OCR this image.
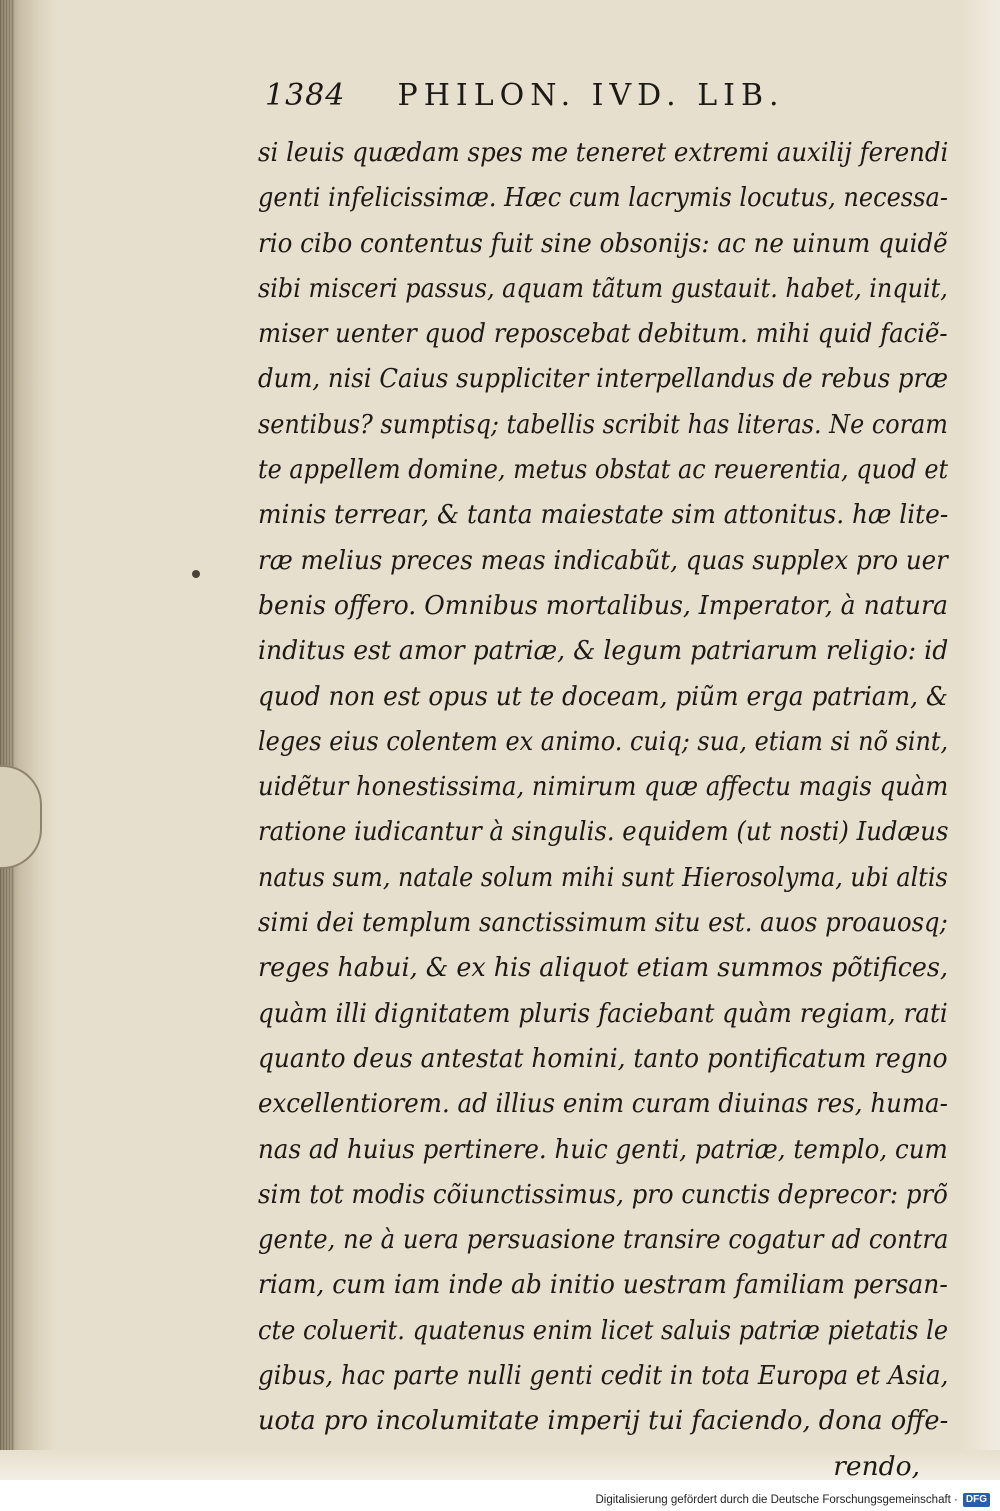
1384 PHILON. IVD. LIB.
si leuis quædam spes me teneret extremi auxilij ferendi
genti infelicissimæ. Hæc cum lacrymis locutus, necessa-
rio cibo contentus fuit sine obsonijs: ac ne uinum quidẽ
sibi misceri passus, aquam tãtum gustauit. habet, inquit,
miser uenter quod reposcebat debitum. mihi quid faciẽ-
dum, nisi Caius suppliciter interpellandus de rebus præ
sentibus? sumptisq; tabellis scribit has literas. Ne coram
te appellem domine, metus obstat ac reuerentia, quod et
minis terrear, & tanta maiestate sim attonitus. hæ lite-
ræ melius preces meas indicabũt, quas supplex pro uer
benis offero. Omnibus mortalibus, Imperator, à natura
inditus est amor patriæ, & legum patriarum religio: id
quod non est opus ut te doceam, piũm erga patriam, &
leges eius colentem ex animo. cuiq; sua, etiam si nõ sint,
uidẽtur honestissima, nimirum quæ affectu magis quàm
ratione iudicantur à singulis. equidem (ut nosti) Iudæus
natus sum, natale solum mihi sunt Hierosolyma, ubi altis
simi dei templum sanctissimum situ est. auos proauosq;
reges habui, & ex his aliquot etiam summos põtifices,
quàm illi dignitatem pluris faciebant quàm regiam, rati
quanto deus antestat homini, tanto pontificatum regno
excellentiorem. ad illius enim curam diuinas res, huma-
nas ad huius pertinere. huic genti, patriæ, templo, cum
sim tot modis cõiunctissimus, pro cunctis deprecor: prõ
gente, ne à uera persuasione transire cogatur ad contra
riam, cum iam inde ab initio uestram familiam persan-
cte coluerit. quatenus enim licet saluis patriæ pietatis le
gibus, hac parte nulli genti cedit in tota Europa et Asia,
uota pro incolumitate imperij tui faciendo, dona offe-
rendo,
Digitalisierung gefördert durch die Deutsche Forschungsgemeinschaft · DFG
